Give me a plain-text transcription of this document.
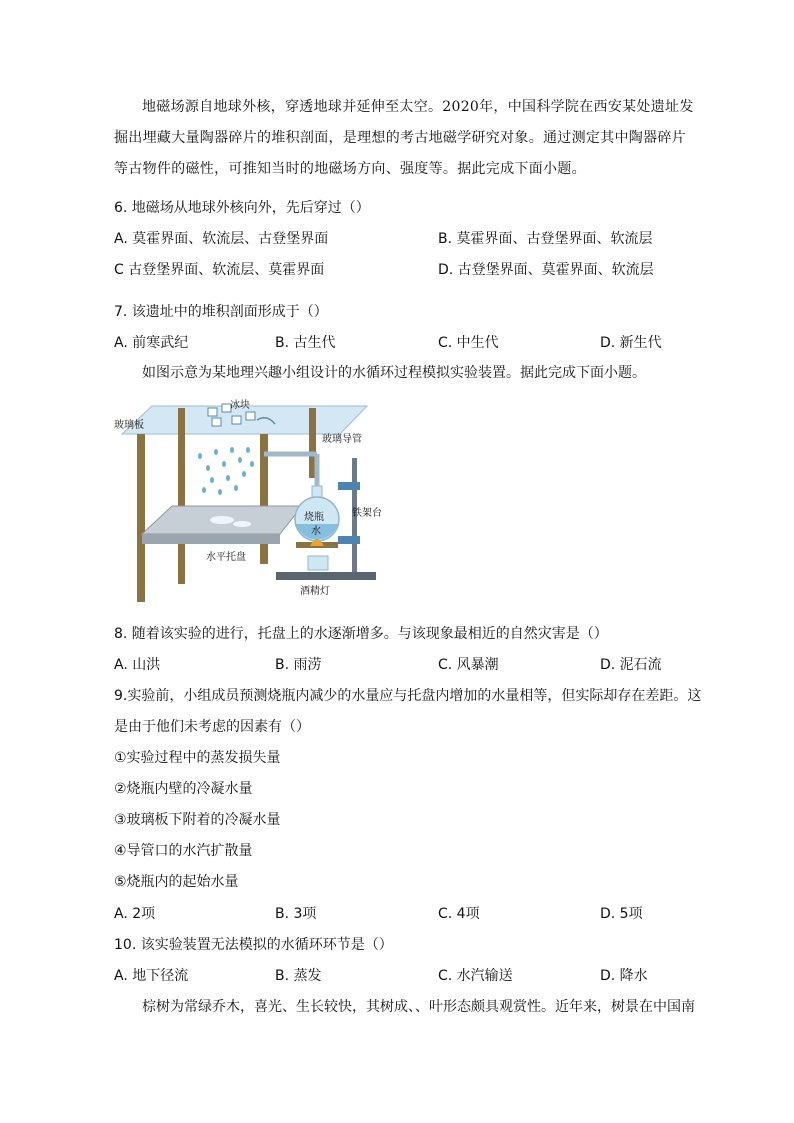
地磁场源自地球外核，穿透地球并延伸至太空。2020年，中国科学院在西安某处遗址发掘出埋藏大量陶器碎片的堆积剖面，是理想的考古地磁学研究对象。通过测定其中陶器碎片等古物件的磁性，可推知当时的地磁场方向、强度等。据此完成下面小题。
6. 地磁场从地球外核向外，先后穿过（）
A. 莫霍界面、软流层、古登堡界面	B. 莫霍界面、古登堡界面、软流层
C 古登堡界面、软流层、莫霍界面	D. 古登堡界面、莫霍界面、软流层
7. 该遗址中的堆积剖面形成于（）
A. 前寒武纪	B. 古生代	C. 中生代	D. 新生代
如图示意为某地理兴趣小组设计的水循环过程模拟实验装置。据此完成下面小题。
玻璃板
冰块
玻璃导管
铁架台
烧瓶
水
水平托盘
酒精灯
8. 随着该实验的进行，托盘上的水逐渐增多。与该现象最相近的自然灾害是（）
A. 山洪	B. 雨涝	C. 风暴潮	D. 泥石流
9.实验前，小组成员预测烧瓶内减少的水量应与托盘内增加的水量相等，但实际却存在差距。这
是由于他们未考虑的因素有（）
①实验过程中的蒸发损失量
②烧瓶内壁的冷凝水量
③玻璃板下附着的冷凝水量
④导管口的水汽扩散量
⑤烧瓶内的起始水量
A. 2项	B. 3项	C. 4项	D. 5项
10. 该实验装置无法模拟的水循环环节是（）
A. 地下径流	B. 蒸发	C. 水汽输送	D. 降水
棕树为常绿乔木，喜光、生长较快，其树成、、叶形态颇具观赏性。近年来，树景在中国南
